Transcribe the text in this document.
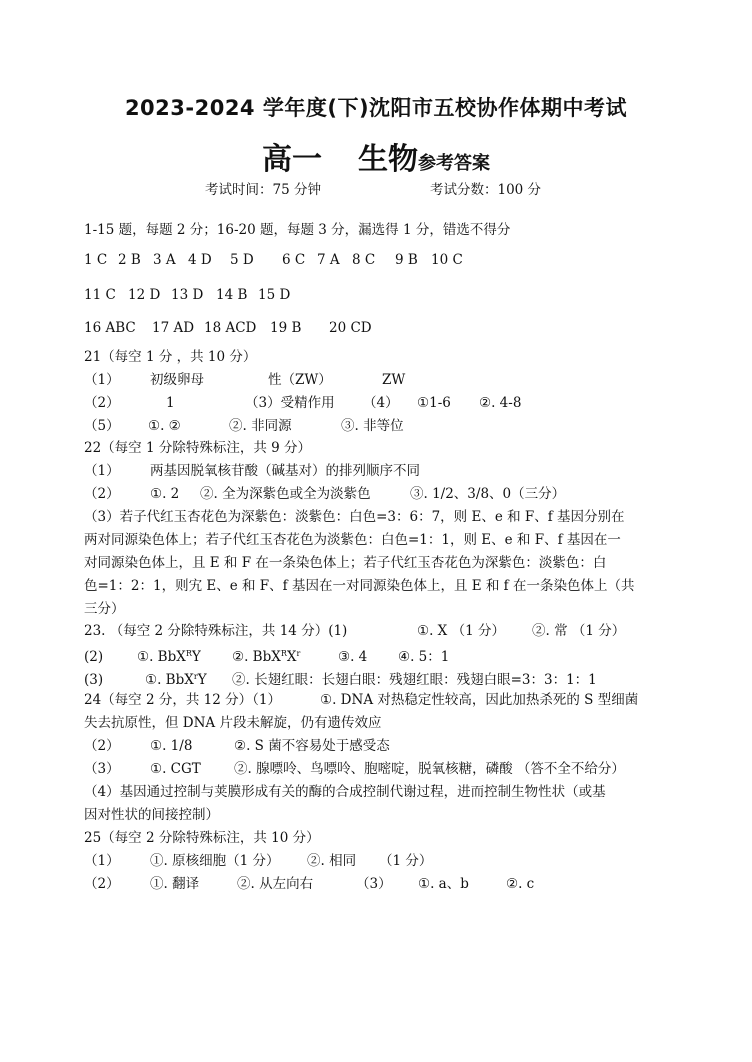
2023-2024 学年度(下)沈阳市五校协作体期中考试
高一 生物参考答案
考试时间：75 分钟	考试分数：100 分
1-15 题，每题 2 分；16-20 题，每题 3 分，漏选得 1 分，错选不得分
1 C 2 B 3 A 4 D 5 D 6 C 7 A 8 C 9 B 10 C
11 C 12 D 13 D 14 B 15 D
16 ABC 17 AD 18 ACD 19 B 20 CD
21（每空 1 分 ，共 10 分）
（1） 初级卵母	性（ZW）	ZW
（2）	1	（3）受精作用 （4） ①1-6 ②. 4-8
（5） ①. ②	②. 非同源	③. 非等位
22（每空 1 分除特殊标注，共 9 分）
（1） 两基因脱氧核苷酸（碱基对）的排列顺序不同
（2） ①. 2 ②. 全为深紫色或全为淡紫色	③. 1/2、3/8、0（三分）
（3）若子代红玉杏花色为深紫色：淡紫色：白色=3：6：7，则 E、e 和 F、f 基因分别在
两对同源染色体上；若子代红玉杏花色为淡紫色：白色=1：1，则 E、e 和 F、f 基因在一
对同源染色体上，且 E 和 F 在一条染色体上；若子代红玉杏花色为深紫色：淡紫色：白
色=1：2：1，则宄 E、e 和 F、f 基因在一对同源染色体上，且 E 和 f 在一条染色体上（共
三分）
23. （每空 2 分除特殊标注，共 14 分）(1)	①. X （1 分） ②. 常 （1 分）
(2)	①. BbX$^R$Y ②. $BbX^RX^r$	③. 4 ④. 5：1
(3)	①. BbX$^r$Y ②. 长翅红眼：长翅白眼：残翅红眼：残翅白眼=3：3：1：1
24（每空 2 分，共 12 分）（1）	①. DNA 对热稳定性较高，因此加热杀死的 S 型细菌
失去抗原性，但 DNA 片段未解旋，仍有遗传效应
（2） ①. 1/8	②. S 菌不容易处于感受态
（3） ①. CGT ②. 腺嘌呤、鸟嘌呤、胞嘧啶，脱氧核糖，磷酸 （答不全不给分）
（4）基因通过控制与荚膜形成有关的酶的合成控制代谢过程，进而控制生物性状（或基
因对性状的间接控制）
25（每空 2 分除特殊标注，共 10 分）
（1） ①. 原核细胞（1 分） ②. 相同 （1 分）
（2） ①. 翻译	②. 从左向右	（3） ①. a、b	②. c
